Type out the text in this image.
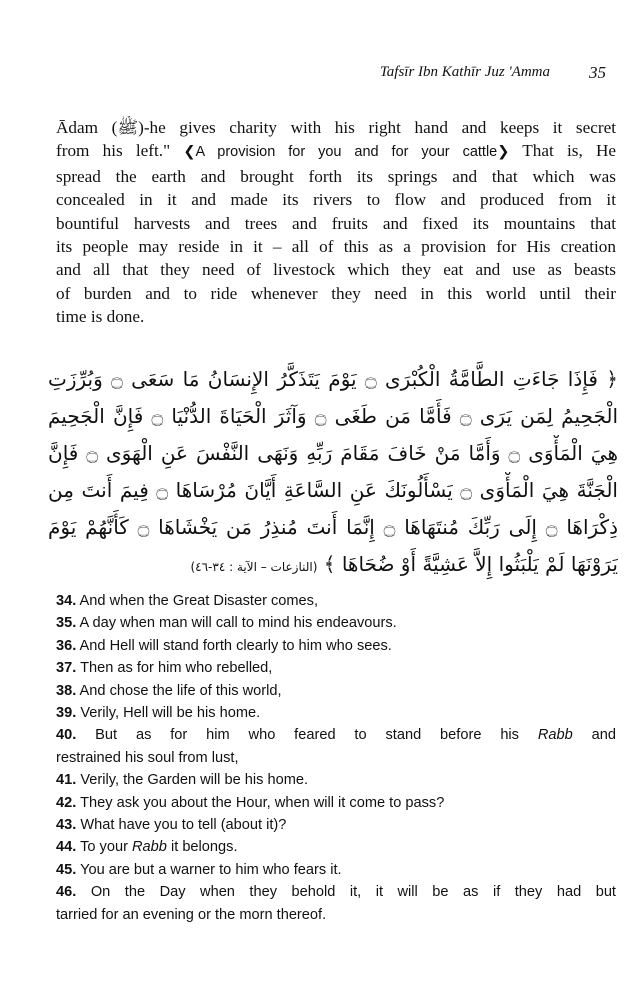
Tafsīr Ibn Kathīr Juz 'Amma 35
Ādam (ﷺ)-he gives charity with his right hand and keeps it secret
from his left." ❮A provision for you and for your cattle❯ That is, He
spread the earth and brought forth its springs and that which was
concealed in it and made its rivers to flow and produced from it
bountiful harvests and trees and fruits and fixed its mountains that
its people may reside in it – all of this as a provision for His creation
and all that they need of livestock which they eat and use as beasts
of burden and to ride whenever they need in this world until their
time is done.
﴿ فَإِذَا جَاءَتِ الطَّامَّةُ الْكُبْرَى ۝ يَوْمَ يَتَذَكَّرُ الإِنسَانُ مَا سَعَى ۝ وَبُرِّزَتِ
الْجَحِيمُ لِمَن يَرَى ۝ فَأَمَّا مَن طَغَى ۝ وَآثَرَ الْحَيَاةَ الدُّنْيَا ۝ فَإِنَّ الْجَحِيمَ
هِيَ الْمَأْوَى ۝ وَأَمَّا مَنْ خَافَ مَقَامَ رَبِّهِ وَنَهَى النَّفْسَ عَنِ الْهَوَى ۝ فَإِنَّ
الْجَنَّةَ هِيَ الْمَأْوَى ۝ يَسْأَلُونَكَ عَنِ السَّاعَةِ أَيَّانَ مُرْسَاهَا ۝ فِيمَ أَنتَ مِن
ذِكْرَاهَا ۝ إِلَى رَبِّكَ مُنتَهَاهَا ۝ إِنَّمَا أَنتَ مُنذِرُ مَن يَخْشَاهَا ۝ كَأَنَّهُمْ يَوْمَ
يَرَوْنَهَا لَمْ يَلْبَثُوا إِلاَّ عَشِيَّةً أَوْ ضُحَاهَا ﴾ (النازعات – الآية : ٣٤-٤٦)
34. And when the Great Disaster comes,
35. A day when man will call to mind his endeavours.
36. And Hell will stand forth clearly to him who sees.
37. Then as for him who rebelled,
38. And chose the life of this world,
39. Verily, Hell will be his home.
40. But as for him who feared to stand before his Rabb and
restrained his soul from lust,
41. Verily, the Garden will be his home.
42. They ask you about the Hour, when will it come to pass?
43. What have you to tell (about it)?
44. To your Rabb it belongs.
45. You are but a warner to him who fears it.
46. On the Day when they behold it, it will be as if they had but
tarried for an evening or the morn thereof.
